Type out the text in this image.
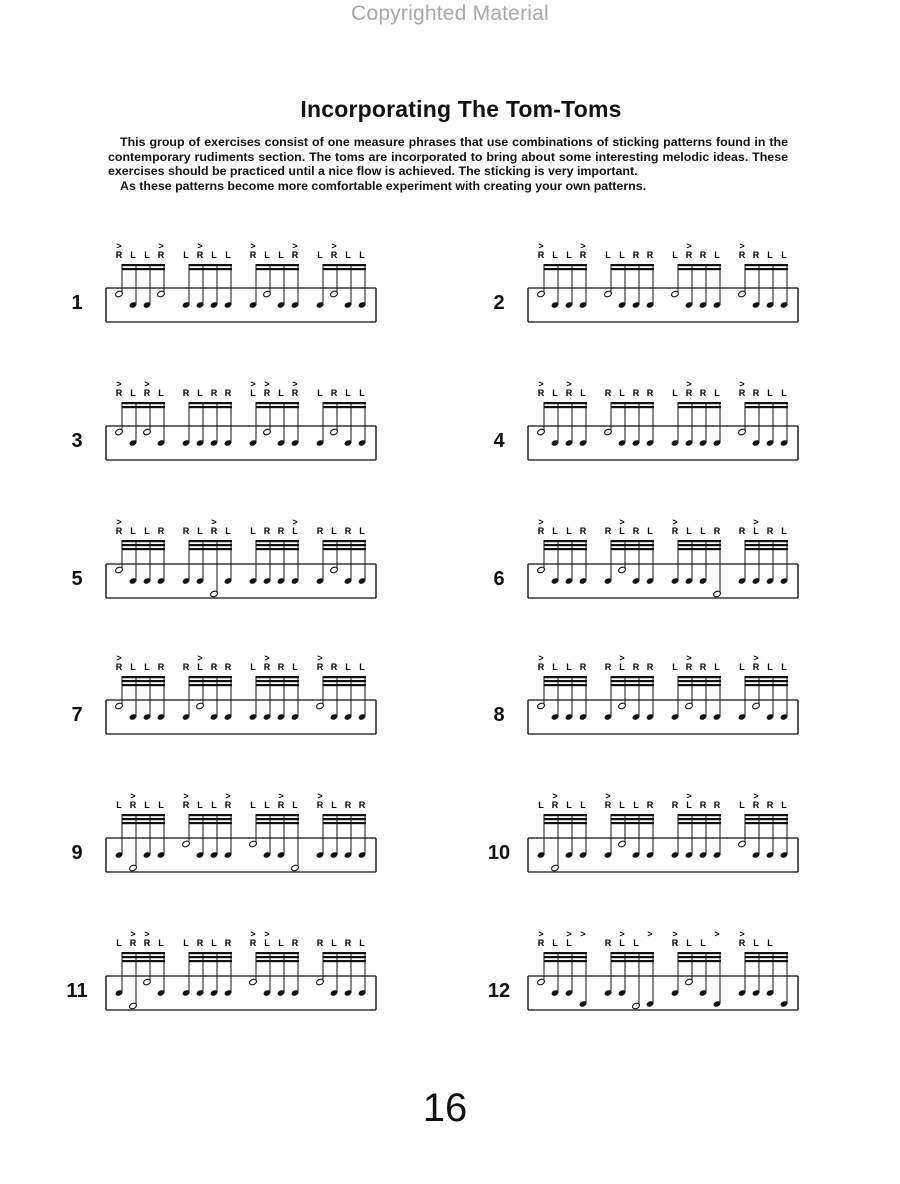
Copyrighted Material
Incorporating The Tom-Toms

This group of exercises consist of one measure phrases that use combinations of sticking patterns found in the contemporary rudiments section. The toms are incorporated to bring about some interesting melodic ideas. These exercises should be practiced until a nice flow is achieved. The sticking is very important.

As these patterns become more comfortable experiment with creating your own patterns.

1
R
>
L L R
>
L R
>
L L R
>
L L R
>
L R
>
L L
2
R
>
L L R
>
L L R R L R
>
R L R
>
R L L
3
R
>
L R
>
L R L R R L
>
R
>
L R
>
L R L L
4
R
>
L R
>
L R L R R L R
>
R L R
>
R L L
5
R
>
L L R R L R
>
L L R R L
>
R L R L
6
R
>
L L R R L
>
R L R
>
L L R R L
>
R L
7
R
>
L L R R L
>
R R L R
>
R L R
>
R L L
8
R
>
L L R R L
>
R R L R
>
R L L R
>
L L
9
L R
>
L L R
>
L L R
>
L L R
>
L R
>
L R R
10
L R
>
L L R
>
L L R R L
>
R R L R
>
R L
11
L R
>
R
>
L L R L R R
>
L
>
L R R L R L
12
R
>
L L
> >
R L
>
L
>
R
>
L L
>
R
>
L L
16
